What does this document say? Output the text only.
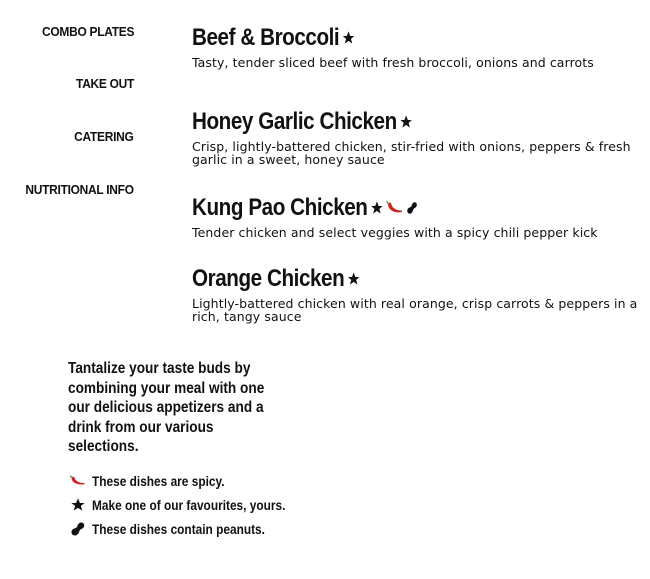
COMBO PLATES
TAKE OUT
CATERING
NUTRITIONAL INFO
Beef & Broccoli
Tasty, tender sliced beef with fresh broccoli, onions and carrots
Honey Garlic Chicken
Crisp, lightly-battered chicken, stir-fried with onions, peppers & fresh garlic in a sweet, honey sauce
Kung Pao Chicken
Tender chicken and select veggies with a spicy chili pepper kick
Orange Chicken
Lightly-battered chicken with real orange, crisp carrots & peppers in a rich, tangy sauce

Tantalize your taste buds by combining your meal with one our delicious appetizers and a drink from our various selections.

These dishes are spicy.
Make one of our favourites, yours.
These dishes contain peanuts.
